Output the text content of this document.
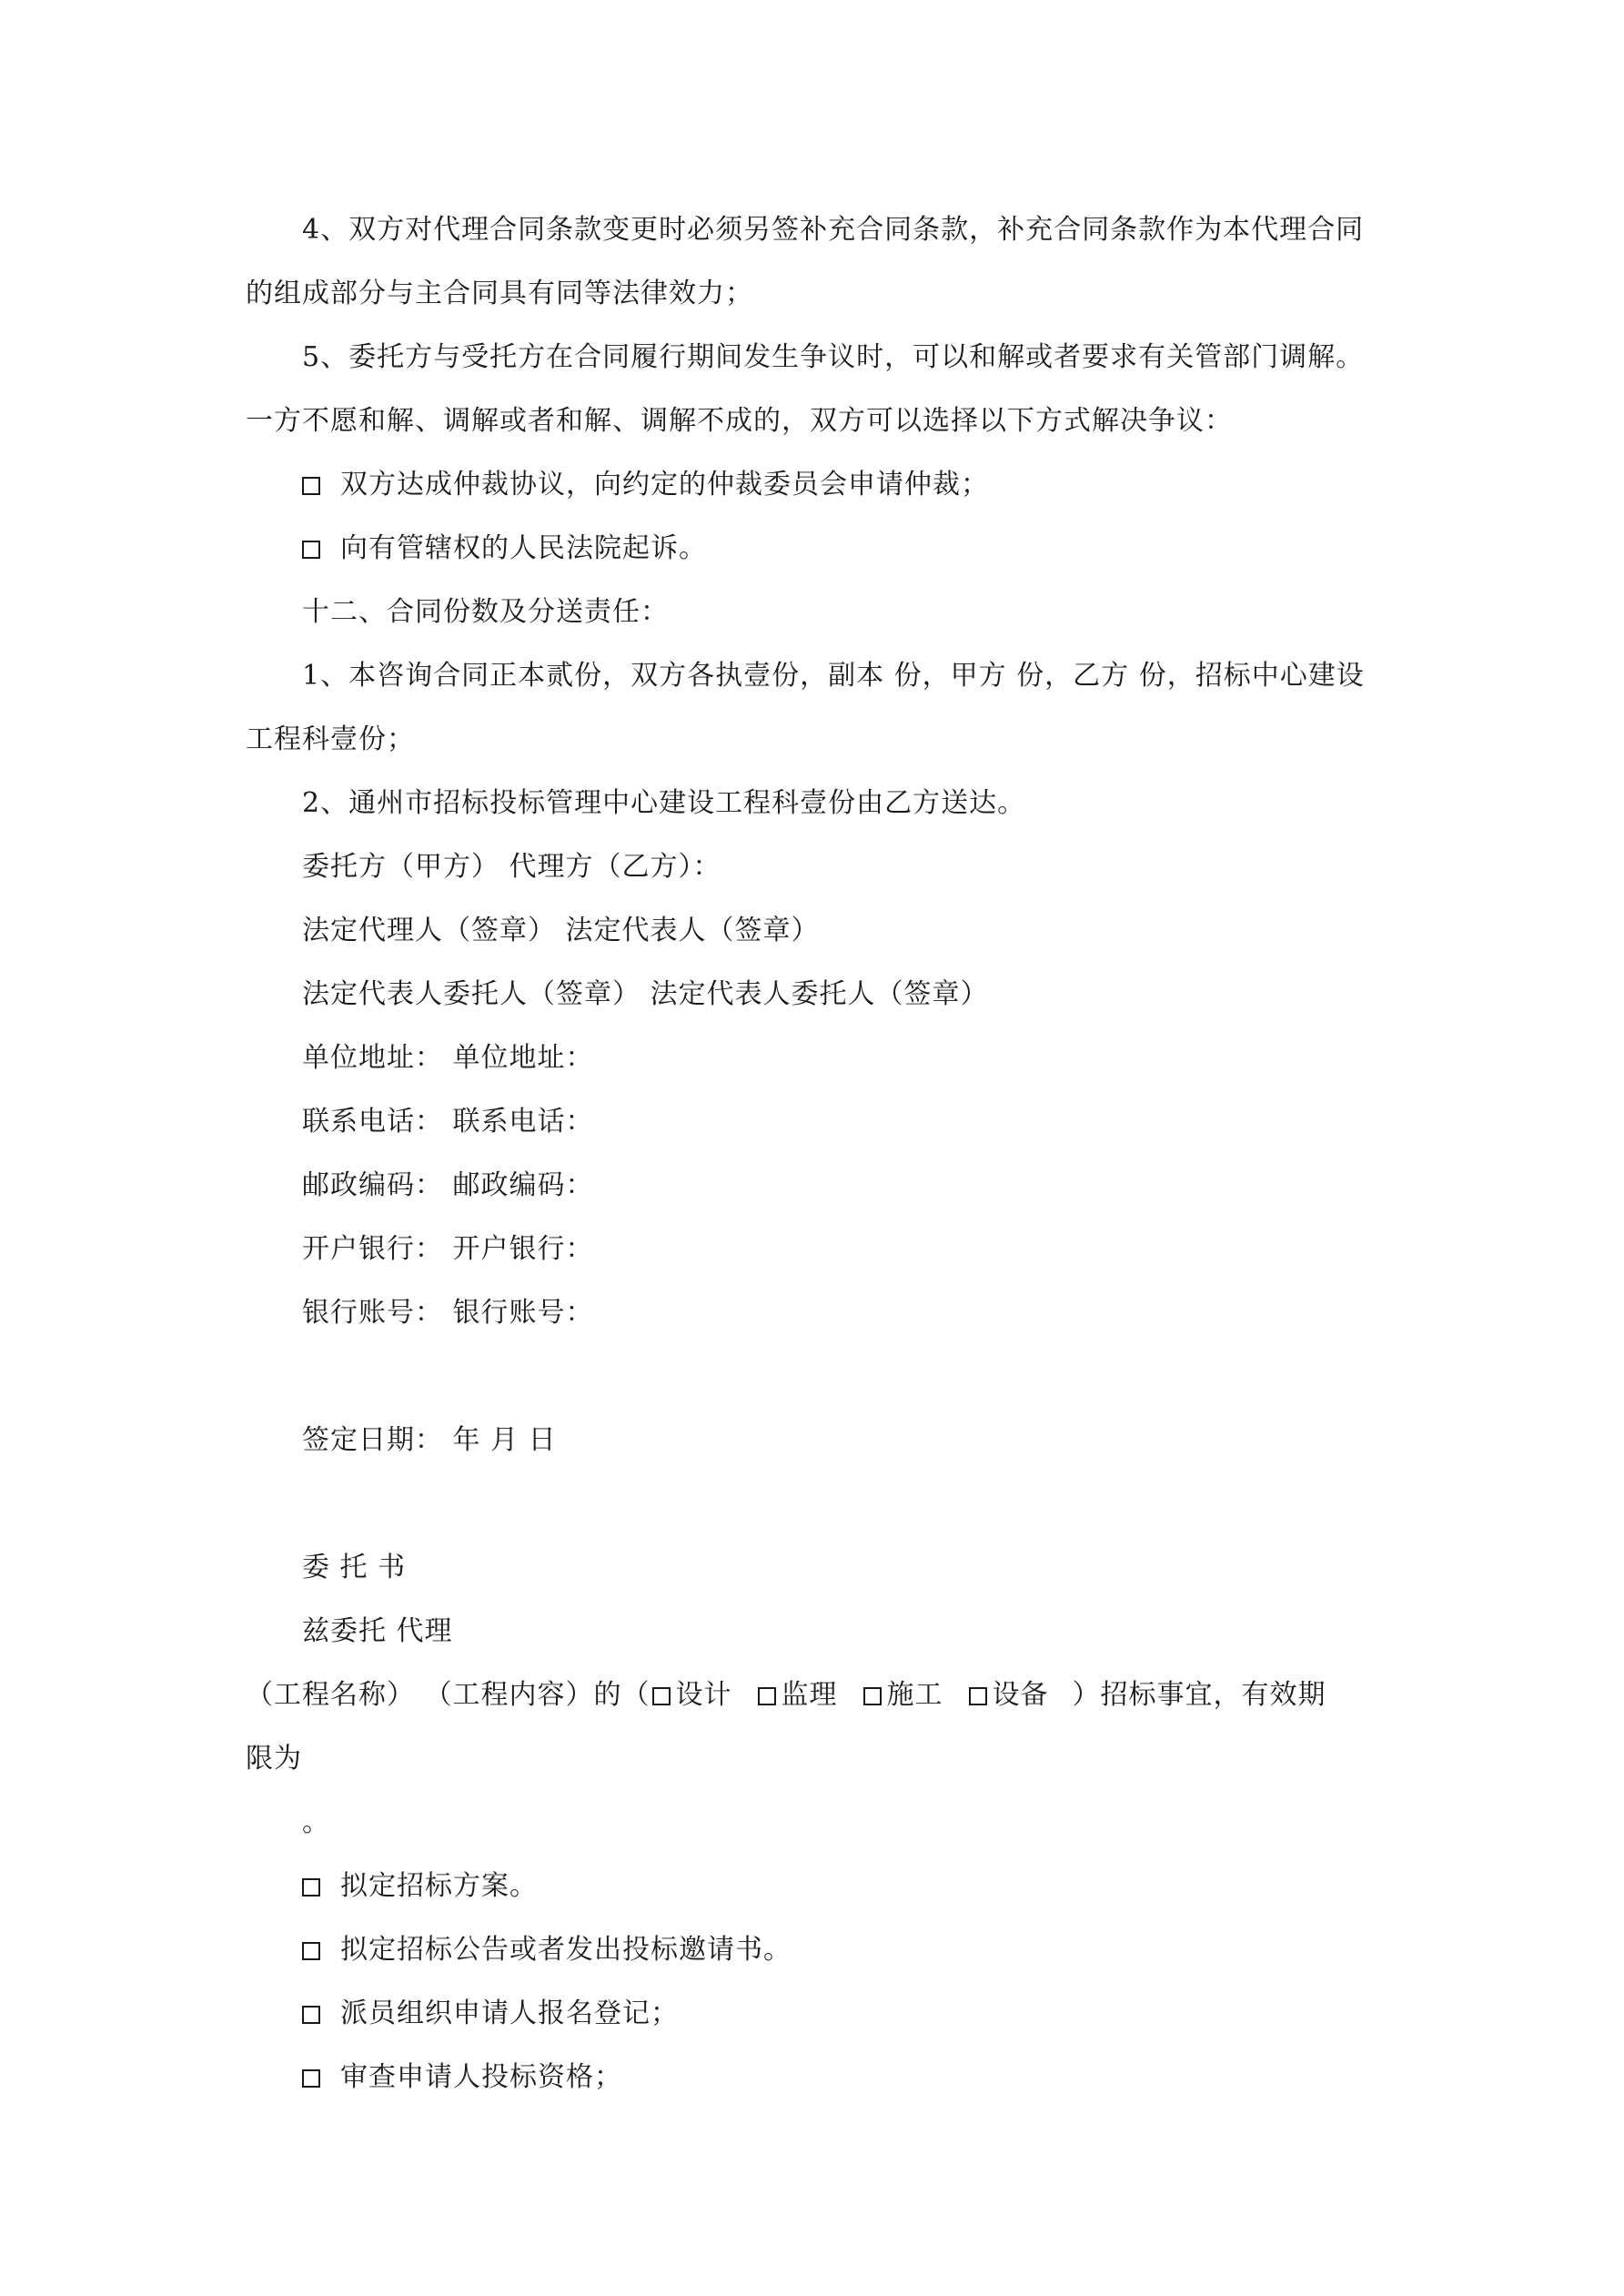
4、双方对代理合同条款变更时必须另签补充合同条款，补充合同条款作为本代理合同
的组成部分与主合同具有同等法律效力；
5、委托方与受托方在合同履行期间发生争议时，可以和解或者要求有关管部门调解。
一方不愿和解、调解或者和解、调解不成的，双方可以选择以下方式解决争议：
双方达成仲裁协议，向约定的仲裁委员会申请仲裁；
向有管辖权的人民法院起诉。
十二、合同份数及分送责任：
1、本咨询合同正本贰份，双方各执壹份，副本 份，甲方 份，乙方 份，招标中心建设
工程科壹份；
2、通州市招标投标管理中心建设工程科壹份由乙方送达。
委托方（甲方） 代理方（乙方）：
法定代理人（签章） 法定代表人（签章）
法定代表人委托人（签章） 法定代表人委托人（签章）
单位地址： 单位地址：
联系电话： 联系电话：
邮政编码： 邮政编码：
开户银行： 开户银行：
银行账号： 银行账号：
签定日期： 年 月 日
委 托 书
兹委托 代理
（工程名称） （工程内容）的（ 设计 监理 施工 设备 ）招标事宜，有效期
限为
。
拟定招标方案。
拟定招标公告或者发出投标邀请书。
派员组织申请人报名登记；
审查申请人投标资格；
